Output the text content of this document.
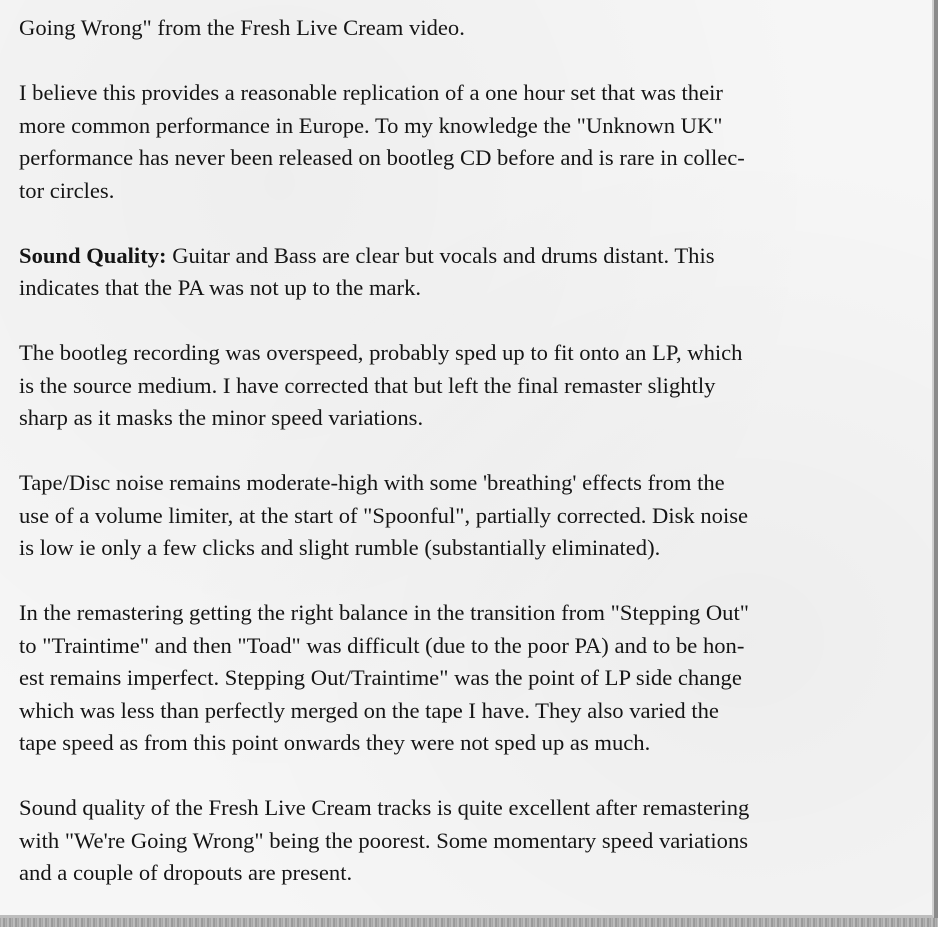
Going Wrong" from the Fresh Live Cream video.

I believe this provides a reasonable replication of a one hour set that was their
more common performance in Europe. To my knowledge the "Unknown UK"
performance has never been released on bootleg CD before and is rare in collec-
tor circles.

Sound Quality: Guitar and Bass are clear but vocals and drums distant. This
indicates that the PA was not up to the mark.

The bootleg recording was overspeed, probably sped up to fit onto an LP, which
is the source medium. I have corrected that but left the final remaster slightly
sharp as it masks the minor speed variations.

Tape/Disc noise remains moderate-high with some 'breathing' effects from the
use of a volume limiter, at the start of "Spoonful", partially corrected. Disk noise
is low ie only a few clicks and slight rumble (substantially eliminated).

In the remastering getting the right balance in the transition from "Stepping Out"
to "Traintime" and then "Toad" was difficult (due to the poor PA) and to be hon-
est remains imperfect. Stepping Out/Traintime" was the point of LP side change
which was less than perfectly merged on the tape I have. They also varied the
tape speed as from this point onwards they were not sped up as much.

Sound quality of the Fresh Live Cream tracks is quite excellent after remastering
with "We're Going Wrong" being the poorest. Some momentary speed variations
and a couple of dropouts are present.
